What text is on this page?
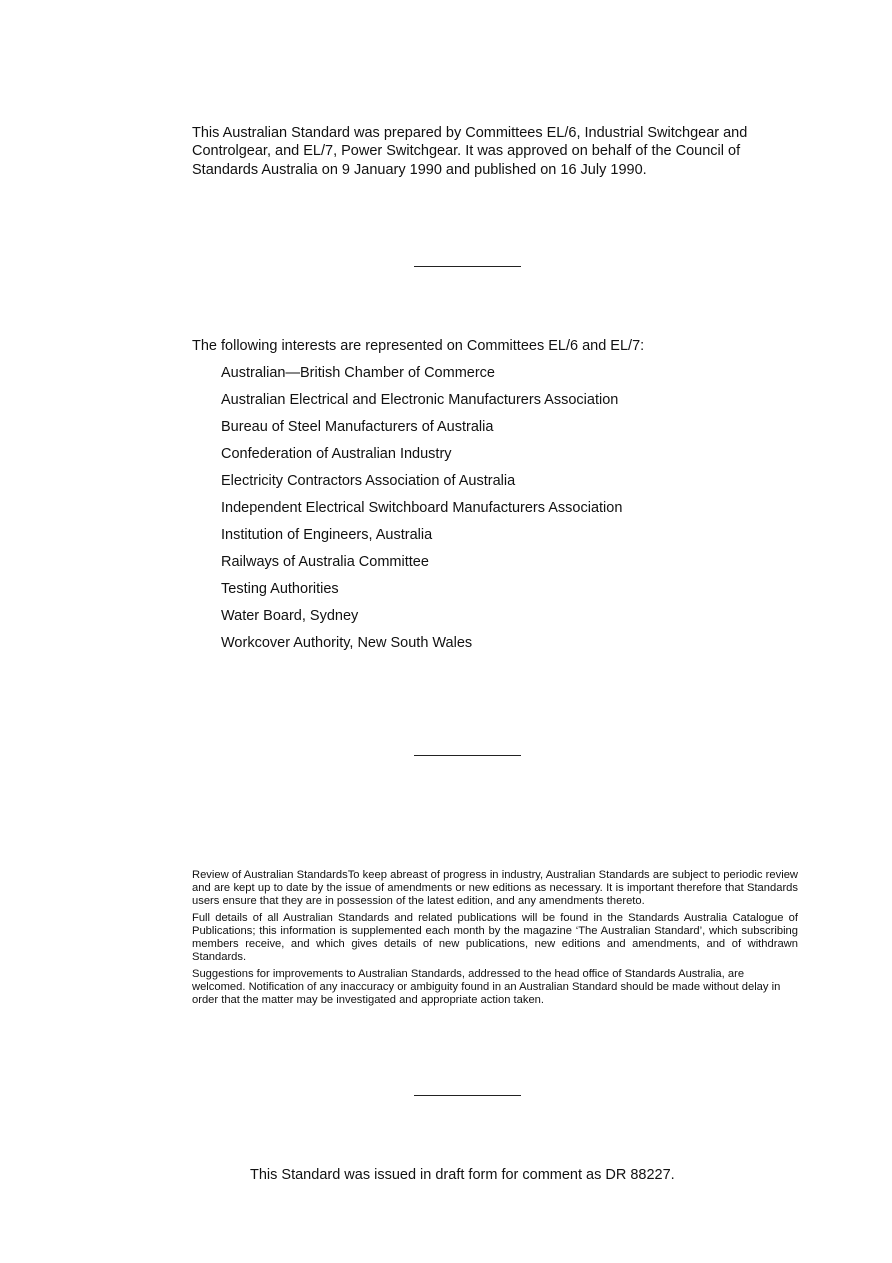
This Australian Standard was prepared by Committees EL/6, Industrial Switchgear and Controlgear, and EL/7, Power Switchgear. It was approved on behalf of the Council of Standards Australia on 9 January 1990 and published on 16 July 1990.

The following interests are represented on Committees EL/6 and EL/7:

Australian—British Chamber of Commerce
Australian Electrical and Electronic Manufacturers Association
Bureau of Steel Manufacturers of Australia
Confederation of Australian Industry
Electricity Contractors Association of Australia
Independent Electrical Switchboard Manufacturers Association
Institution of Engineers, Australia
Railways of Australia Committee
Testing Authorities
Water Board, Sydney
Workcover Authority, New South Wales

Review of Australian StandardsTo keep abreast of progress in industry, Australian Standards are subject to periodic review and are kept up to date by the issue of amendments or new editions as necessary. It is important therefore that Standards users ensure that they are in possession of the latest edition, and any amendments thereto.

Full details of all Australian Standards and related publications will be found in the Standards Australia Catalogue of Publications; this information is supplemented each month by the magazine ‘The Australian Standard’, which subscribing members receive, and which gives details of new publications, new editions and amendments, and of withdrawn Standards.

Suggestions for improvements to Australian Standards, addressed to the head office of Standards Australia, are welcomed. Notification of any inaccuracy or ambiguity found in an Australian Standard should be made without delay in order that the matter may be investigated and appropriate action taken.

This Standard was issued in draft form for comment as DR 88227.
